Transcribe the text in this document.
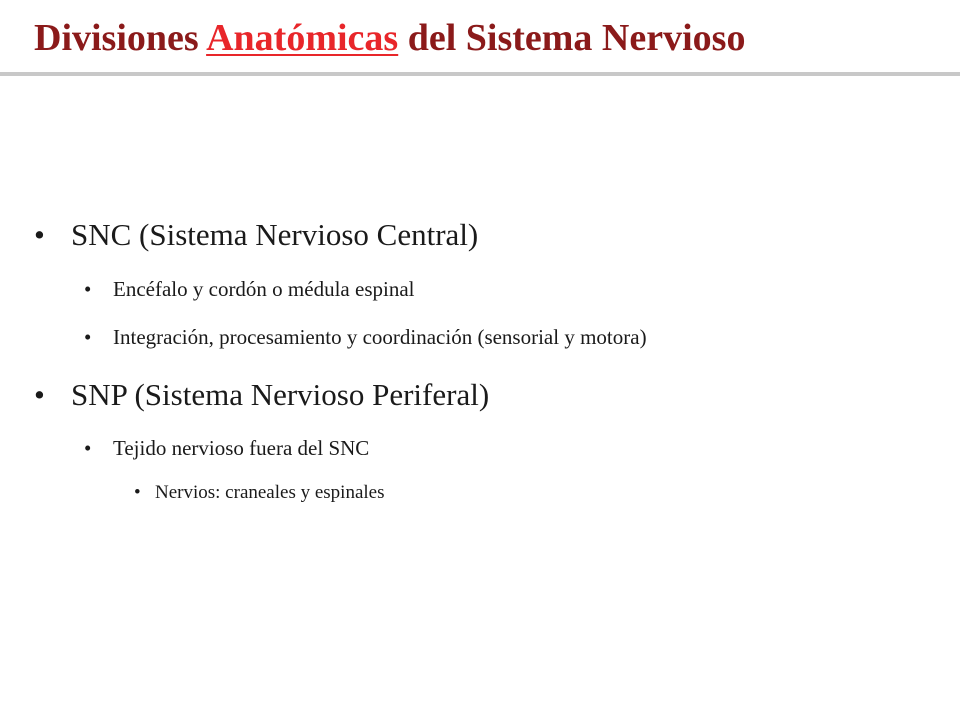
Divisiones Anatómicas del Sistema Nervioso
• SNC (Sistema Nervioso Central)
• Encéfalo y cordón o médula espinal
• Integración, procesamiento y coordinación (sensorial y motora)
• SNP (Sistema Nervioso Periferal)
• Tejido nervioso fuera del SNC
• Nervios: craneales y espinales
